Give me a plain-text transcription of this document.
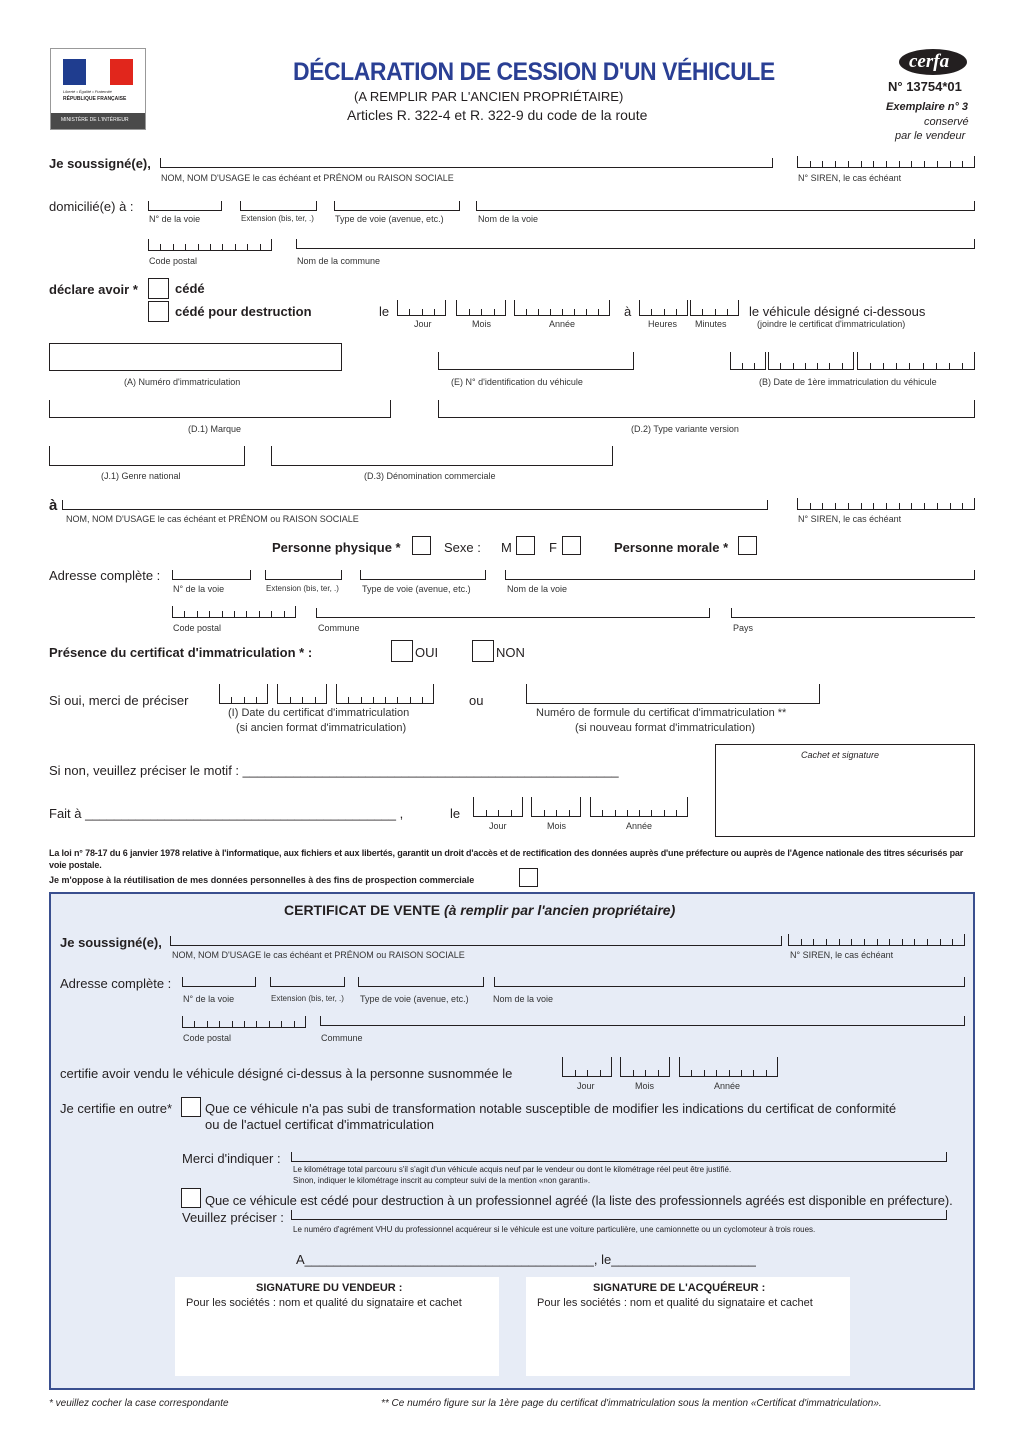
Liberté • Égalité • Fraternité
RÉPUBLIQUE FRANÇAISE
MINISTÈRE DE L'INTÉRIEUR
DÉCLARATION DE CESSION D'UN VÉHICULE
(A REMPLIR PAR L'ANCIEN PROPRIÉTAIRE)
Articles R. 322-4 et R. 322-9 du code de la route
cerfa
N° 13754*01
Exemplaire n° 3
conservé
par le vendeur
Je soussigné(e),
NOM, NOM D'USAGE le cas échéant et PRÉNOM ou RAISON SOCIALE	N° SIREN, le cas échéant
domicilié(e) à :
N° de la voie	Extension (bis, ter, .) Type de voie (avenue, etc.)	Nom de la voie
Code postal	Nom de la commune
déclare avoir *	cédé
cédé pour destruction	le	à
Jour	Mois	Année	Heures Minutes
le véhicule désigné ci-dessous
(joindre le certificat d'immatriculation)
(A) Numéro d'immatriculation	(E) N° d'identification du véhicule	(B) Date de 1ère immatriculation du véhicule
(D.1) Marque	(D.2) Type variante version
(J.1) Genre national	(D.3) Dénomination commerciale
à
NOM, NOM D'USAGE le cas échéant et PRÉNOM ou RAISON SOCIALE	N° SIREN, le cas échéant
Personne physique *	Sexe : M	F	Personne morale *
Adresse complète :
N° de la voie	Extension (bis, ter, .)	Type de voie (avenue, etc.)	Nom de la voie
Code postal	Commune	Pays
Présence du certificat d'immatriculation * :	OUI	NON
Si oui, merci de préciser
(I) Date du certificat d'immatriculation
(si ancien format d'immatriculation)
ou
Numéro de formule du certificat d'immatriculation **
(si nouveau format d'immatriculation)
Si non, veuillez préciser le motif : ____________________________________________________
Cachet et signature
Fait à ___________________________________________ ,	le
Jour	Mois	Année
La loi n° 78-17 du 6 janvier 1978 relative à l'informatique, aux fichiers et aux libertés, garantit un droit d'accès et de rectification des données auprès d'une préfecture ou auprès de l'Agence nationale des titres sécurisés par voie postale.
Je m'oppose à la réutilisation de mes données personnelles à des fins de prospection commerciale
CERTIFICAT DE VENTE (à remplir par l'ancien propriétaire)
Je soussigné(e),
NOM, NOM D'USAGE le cas échéant et PRÉNOM ou RAISON SOCIALE	N° SIREN, le cas échéant
Adresse complète :
N° de la voie	Extension (bis, ter, .) Type de voie (avenue, etc.)	Nom de la voie
Code postal	Commune
certifie avoir vendu le véhicule désigné ci-dessus à la personne susnommée le
Jour	Mois	Année
Je certifie en outre*	Que ce véhicule n'a pas subi de transformation notable susceptible de modifier les indications du certificat de conformité
ou de l'actuel certificat d'immatriculation
Merci d'indiquer :
Le kilométrage total parcouru s'il s'agit d'un véhicule acquis neuf par le vendeur ou dont le kilométrage réel peut être justifié.
Sinon, indiquer le kilométrage inscrit au compteur suivi de la mention «non garanti».
Que ce véhicule est cédé pour destruction à un professionnel agréé (la liste des professionnels agréés est disponible en préfecture).
Veuillez préciser :
Le numéro d'agrément VHU du professionnel acquéreur si le véhicule est une voiture particulière, une camionnette ou un cyclomoteur à trois roues.
A________________________________________, le____________________
SIGNATURE DU VENDEUR :
Pour les sociétés : nom et qualité du signataire et cachet
SIGNATURE DE L'ACQUÉREUR :
Pour les sociétés : nom et qualité du signataire et cachet
* veuillez cocher la case correspondante	** Ce numéro figure sur la 1ère page du certificat d'immatriculation sous la mention «Certificat d'immatriculation».
